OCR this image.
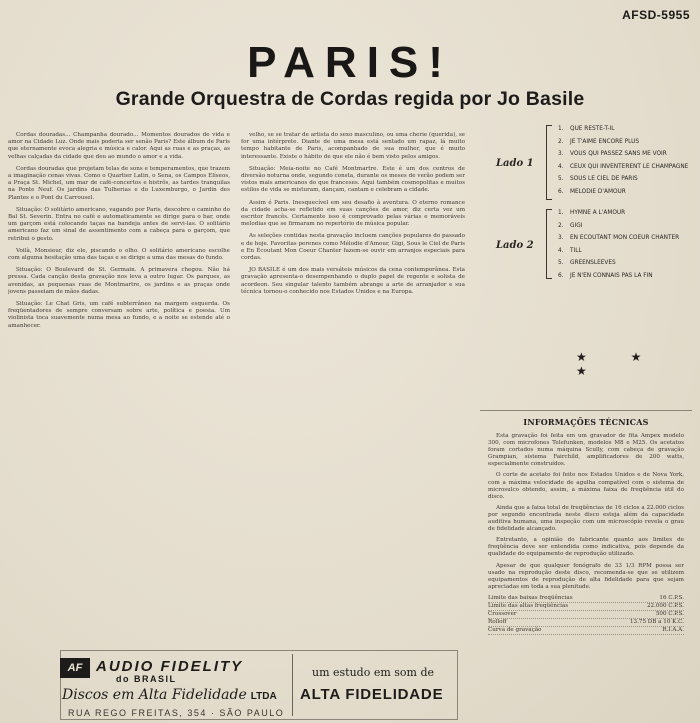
AFSD-5955
PARIS!
Grande Orquestra de Cordas regida por Jo Basile

Cordas douradas... Champanha dourado... Momentos dourados de vida e amor na Cidade Luz. Onde mais poderia ser senão Paris? Este álbum de Paris que eternamente evoca alegria e música e calor. Aqui as ruas e as praças, as velhas calçadas da cidade que deu ao mundo o amor e a vida.

Cordas douradas que projetam telas de sons e temperamentos, que trazem a imaginação cenas vivas. Como o Quartier Latin, o Sena, os Campos Elíseos, a Praça St. Michel, um mar de café-concertos e bistrôs, as tardes tranquilas na Ponte Neuf. Os jardins das Tulherias e do Luxemburgo, o Jardin des Plantes e o Pont du Carrousel.

Situação: O solitário americano, vagando por Paris, descobre o caminho do Bal St. Severin. Entra no café e automaticamente se dirige para o bar, onde um garçom está colocando taças na bandeja antes de servi-las. O solitário americano faz um sinal de assentimento com a cabeça para o garçom, que retribui o gesto.

Voilà, Monsieur, diz ele, piscando o olho. O solitário americano escolhe com alguma hesitação uma das taças e se dirige a uma das mesas do fundo.

Situação: O Boulevard de St. Germain. A primavera chegou. Não há pressa. Cada canção desta gravação nos leva a outro lugar. Os parques, as avenidas, as pequenas ruas de Montmartre, os jardins e as praças onde jovens passeiam de mãos dadas.

Situação: Le Chat Gris, um café subterrâneo na margem esquerda. Os freqüentadores de sempre conversam sobre arte, política e poesia. Um violinista toca suavemente numa mesa ao fundo, e a noite se estende até o amanhecer.

velho, se se tratar de artista do sexo masculino, ou uma cherie (querida), se for uma intérprete. Diante de uma mesa está sentado um rapaz, lá muito tempo habitante de Paris, acompanhado de sua mulher, que é muito interessante. Existe o hábito de que ele não é bem visto pelos amigos.

Situação: Meia-noite no Café Montmartre. Este é um dos centros de diversão noturna onde, segundo consta, durante os meses de verão podem ser vistos mais americanos do que franceses. Aqui também cosmopolitas e muitos estilos de vida se misturam, dançam, cantam e celebram a cidade.

Assim é Paris. Inesquecível em seu desafio à aventura. O eterno romance da cidade acha-se refletido em suas canções de amor, diz certa vez um escritor francês. Certamente isso é comprovado pelas várias e memoráveis melodias que se firmaram no repertório de música popular.

As seleções contidas nesta gravação incluem canções populares do passado e de hoje. Favoritas perenes como Mélodie d'Amour, Gigi, Sous le Ciel de Paris e En Écoutant Mon Coeur Chanter fazem-se ouvir em arranjos especiais para cordas.

JO BASILE é um dos mais versáteis músicos da cena contemporânea. Esta gravação apresenta-o desempenhando o duplo papel de regente e solista de acordeon. Seu singular talento também abrange a arte de arranjador e sua técnica tornou-o conhecido nos Estados Unidos e na Europa.

Lado 1
1.	QUE RESTE-T-IL
2.	JE T'AIME ENCORE PLUS
3.	VOUS QUI PASSEZ SANS ME VOIR
4.	CEUX QUI INVENTERENT LE CHAMPAGNE
5.	SOUS LE CIEL DE PARIS
6.	MELODIE D'AMOUR
Lado 2
1.	HYMNE A L'AMOUR
2.	GIGI
3.	EN ECOUTANT MON COEUR CHANTER
4.	TILL
5.	GREENSLEEVES
6.	JE N'EN CONNAIS PAS LA FIN
★ ★ ★
INFORMAÇÕES TÉCNICAS

Esta gravação foi feita em um gravador de fita Ampex modelo 300, com microfones Telefunken, modelos M8 e M25. Os acetatos foram cortados numa máquina Scully, com cabeça de gravação Grampian, sistema Fairchild, amplificadores de 200 watts, especialmente construídos.

O corte de acetato foi feito nos Estados Unidos e de Nova York, com a máxima velocidade de agulha compatível com o sistema de microsulco obtendo, assim, a máxima faixa de freqüência útil do disco.

Ainda que a faixa total de freqüências de 16 ciclos a 22.000 ciclos por segundo encontrada neste disco esteja além da capacidade auditiva humana, uma inspeção com um microscópio revela o grau de fidelidade alcançado.

Entretanto, a opinião do fabricante quanto aos limites de freqüência deve ser entendida como indicativa, pois depende da qualidade do equipamento de reprodução utilizado.

Apesar de que qualquer fonógrafo de 33 1/3 RPM possa ser usado na reprodução deste disco, recomenda-se que se utilizem equipamentos de reprodução de alta fidelidade para que sejam apreciadas em toda a sua plenitude.

Limite das baixas freqüências	16 C.P.S.
Limite das altas freqüências	22.000 C.P.S.
Crossover	500 C.P.S.
Rolloff	13.75 DB a 10 K.C.
Curva de gravação	R.I.A.A.
AF AUDIO FIDELITY
do BRASIL
Discos em Alta Fidelidade LTDA
RUA REGO FREITAS, 354 · SÃO PAULO
um estudo em som de
ALTA FIDELIDADE
